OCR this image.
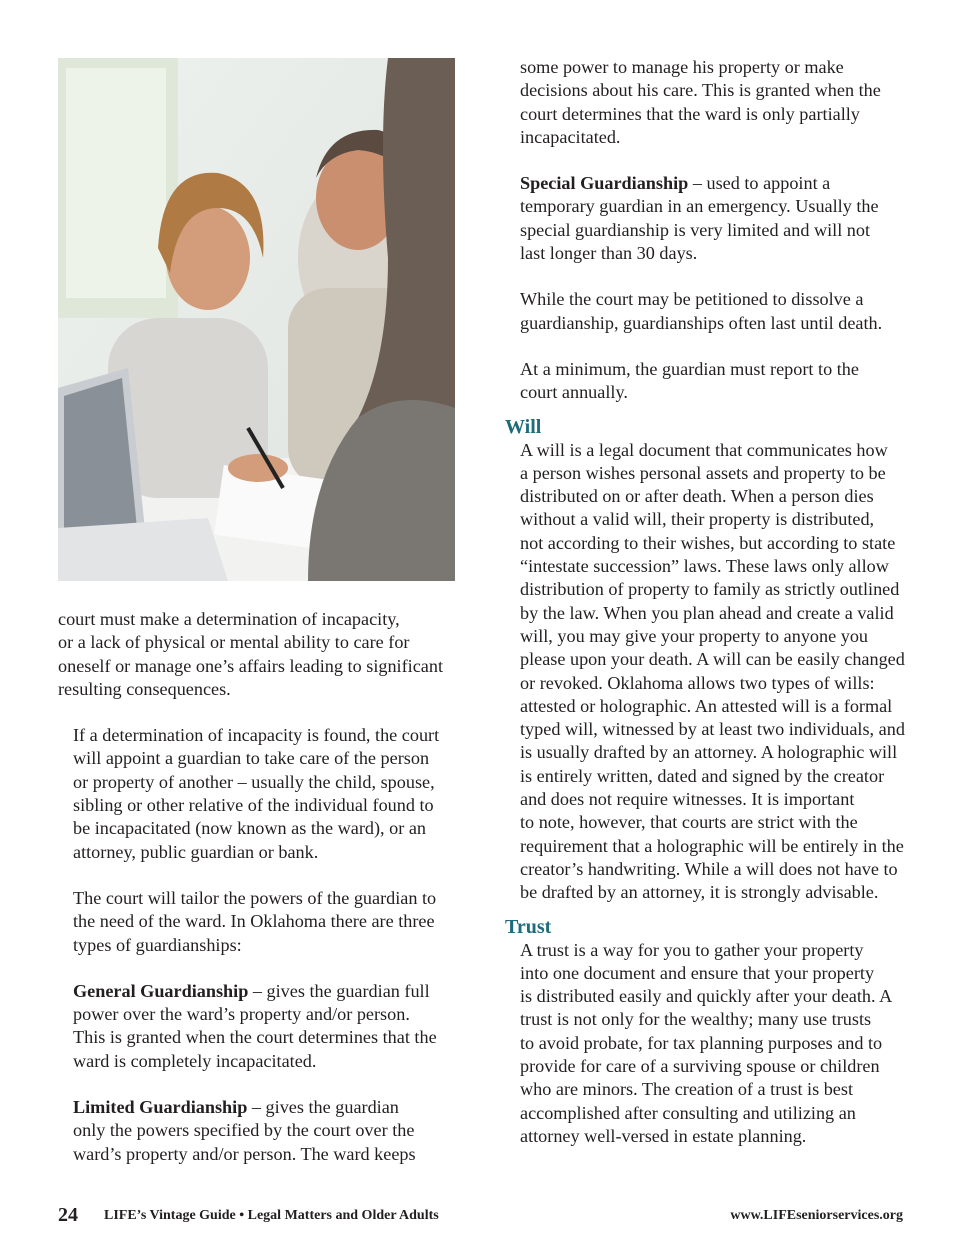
court must make a determination of incapacity,
or a lack of physical or mental ability to care for
oneself or manage one’s affairs leading to significant
resulting consequences.

If a determination of incapacity is found, the court
will appoint a guardian to take care of the person
or property of another – usually the child, spouse,
sibling or other relative of the individual found to
be incapacitated (now known as the ward), or an
attorney, public guardian or bank.

The court will tailor the powers of the guardian to
the need of the ward. In Oklahoma there are three
types of guardianships:

General Guardianship – gives the guardian full
power over the ward’s property and/or person.
This is granted when the court determines that the
ward is completely incapacitated.

Limited Guardianship – gives the guardian
only the powers specified by the court over the
ward’s property and/or person. The ward keeps

some power to manage his property or make
decisions about his care. This is granted when the
court determines that the ward is only partially
incapacitated.

Special Guardianship – used to appoint a
temporary guardian in an emergency. Usually the
special guardianship is very limited and will not
last longer than 30 days.

While the court may be petitioned to dissolve a
guardianship, guardianships often last until death.

At a minimum, the guardian must report to the
court annually.

Will

A will is a legal document that communicates how
a person wishes personal assets and property to be
distributed on or after death. When a person dies
without a valid will, their property is distributed,
not according to their wishes, but according to state
“intestate succession” laws. These laws only allow
distribution of property to family as strictly outlined
by the law. When you plan ahead and create a valid
will, you may give your property to anyone you
please upon your death. A will can be easily changed
or revoked. Oklahoma allows two types of wills:
attested or holographic. An attested will is a formal
typed will, witnessed by at least two individuals, and
is usually drafted by an attorney. A holographic will
is entirely written, dated and signed by the creator
and does not require witnesses. It is important
to note, however, that courts are strict with the
requirement that a holographic will be entirely in the
creator’s handwriting. While a will does not have to
be drafted by an attorney, it is strongly advisable.

Trust

A trust is a way for you to gather your property
into one document and ensure that your property
is distributed easily and quickly after your death. A
trust is not only for the wealthy; many use trusts
to avoid probate, for tax planning purposes and to
provide for care of a surviving spouse or children
who are minors. The creation of a trust is best
accomplished after consulting and utilizing an
attorney well-versed in estate planning.

24 LIFE’s Vintage Guide • Legal Matters and Older Adults	www.LIFEseniorservices.org
